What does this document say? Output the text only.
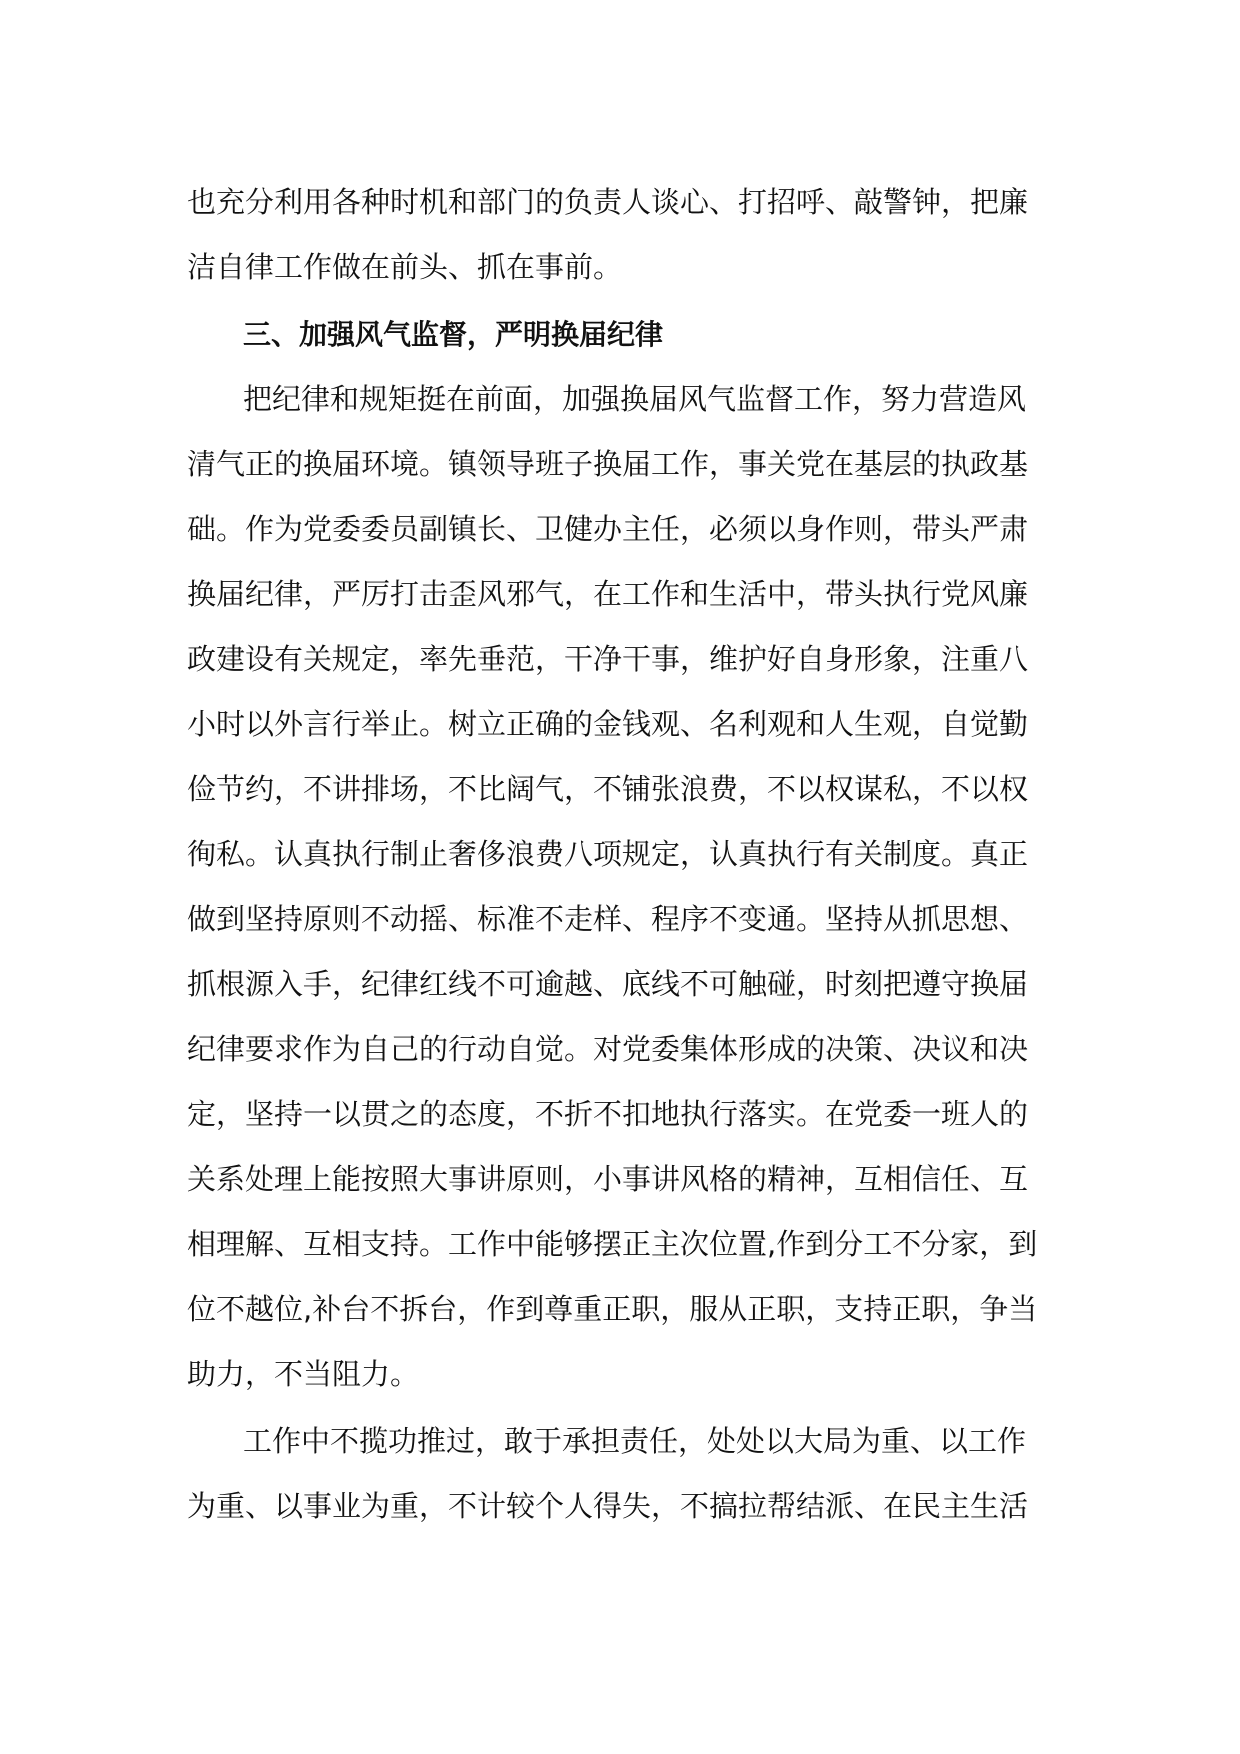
也充分利用各种时机和部门的负责人谈心、打招呼、敲警钟，把廉
洁自律工作做在前头、抓在事前。
三、加强风气监督，严明换届纪律
把纪律和规矩挺在前面，加强换届风气监督工作，努力营造风
清气正的换届环境。镇领导班子换届工作，事关党在基层的执政基
础。作为党委委员副镇长、卫健办主任，必须以身作则，带头严肃
换届纪律，严厉打击歪风邪气，在工作和生活中，带头执行党风廉
政建设有关规定，率先垂范，干净干事，维护好自身形象，注重八
小时以外言行举止。树立正确的金钱观、名利观和人生观，自觉勤
俭节约，不讲排场，不比阔气，不铺张浪费，不以权谋私，不以权
徇私。认真执行制止奢侈浪费八项规定，认真执行有关制度。真正
做到坚持原则不动摇、标准不走样、程序不变通。坚持从抓思想、
抓根源入手，纪律红线不可逾越、底线不可触碰，时刻把遵守换届
纪律要求作为自己的行动自觉。对党委集体形成的决策、决议和决
定，坚持一以贯之的态度，不折不扣地执行落实。在党委一班人的
关系处理上能按照大事讲原则，小事讲风格的精神，互相信任、互
相理解、互相支持。工作中能够摆正主次位置,作到分工不分家，到
位不越位,补台不拆台，作到尊重正职，服从正职，支持正职，争当
助力，不当阻力。
工作中不揽功推过，敢于承担责任，处处以大局为重、以工作
为重、以事业为重，不计较个人得失，不搞拉帮结派、在民主生活
